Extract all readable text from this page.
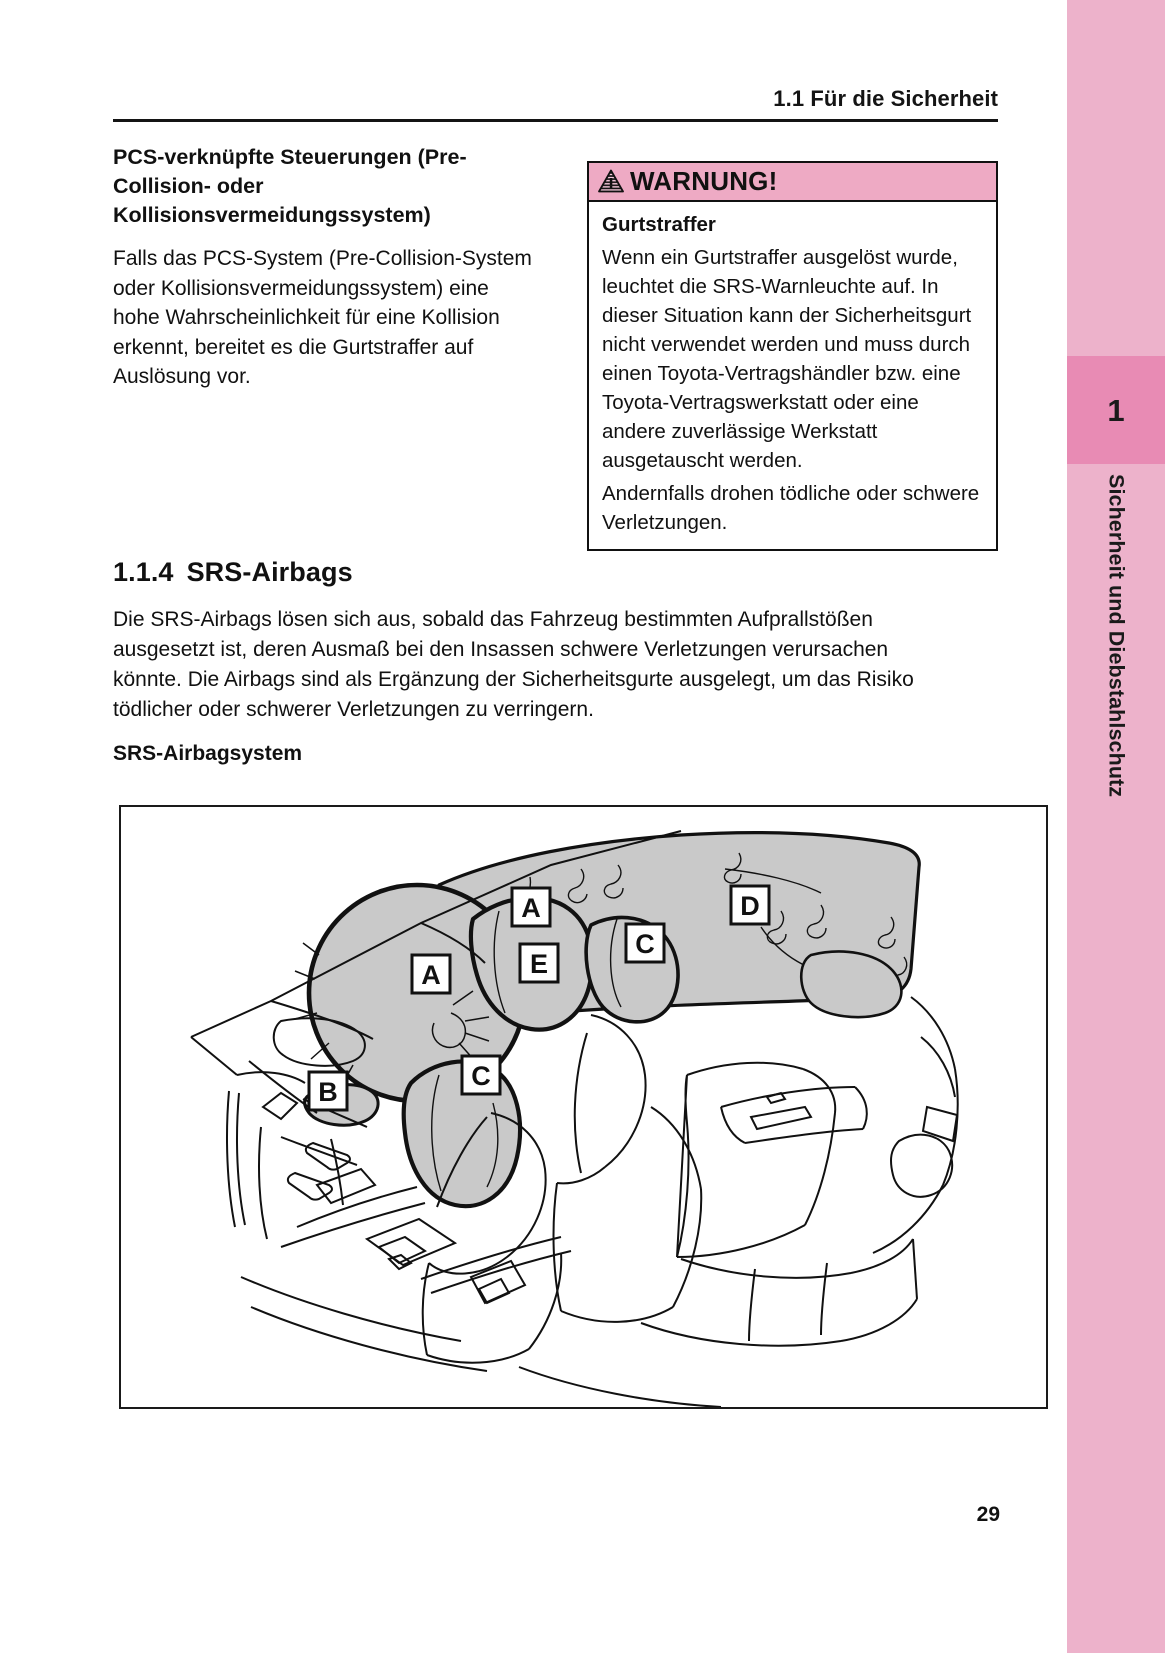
1
Sicherheit und Diebstahlschutz
1.1 Für die Sicherheit
PCS-verknüpfte Steuerungen (Pre-Collision- oder Kollisionsvermeidungssystem)

Falls das PCS-System (Pre-Collision-System oder Kollisionsvermeidungssystem) eine hohe Wahrscheinlichkeit für eine Kollision erkennt, bereitet es die Gurtstraffer auf Auslösung vor.

WARNUNG!
Gurtstraffer

Wenn ein Gurtstraffer ausgelöst wurde, leuchtet die SRS-Warnleuchte auf. In dieser Situation kann der Sicherheitsgurt nicht verwendet werden und muss durch einen Toyota-Vertragshändler bzw. eine Toyota-Vertragswerkstatt oder eine andere zuverlässige Werkstatt ausgetauscht werden.

Andernfalls drohen tödliche oder schwere Verletzungen.

1.1.4 SRS-Airbags
Die SRS-Airbags lösen sich aus, sobald das Fahrzeug bestimmten Aufprallstößen ausgesetzt ist, deren Ausmaß bei den Insassen schwere Verletzungen verursachen könnte. Die Airbags sind als Ergänzung der Sicherheitsgurte ausgelegt, um das Risiko tödlicher oder schwerer Verletzungen zu verringern.
SRS-Airbagsystem
B
A
C
A
E
C
D
29
